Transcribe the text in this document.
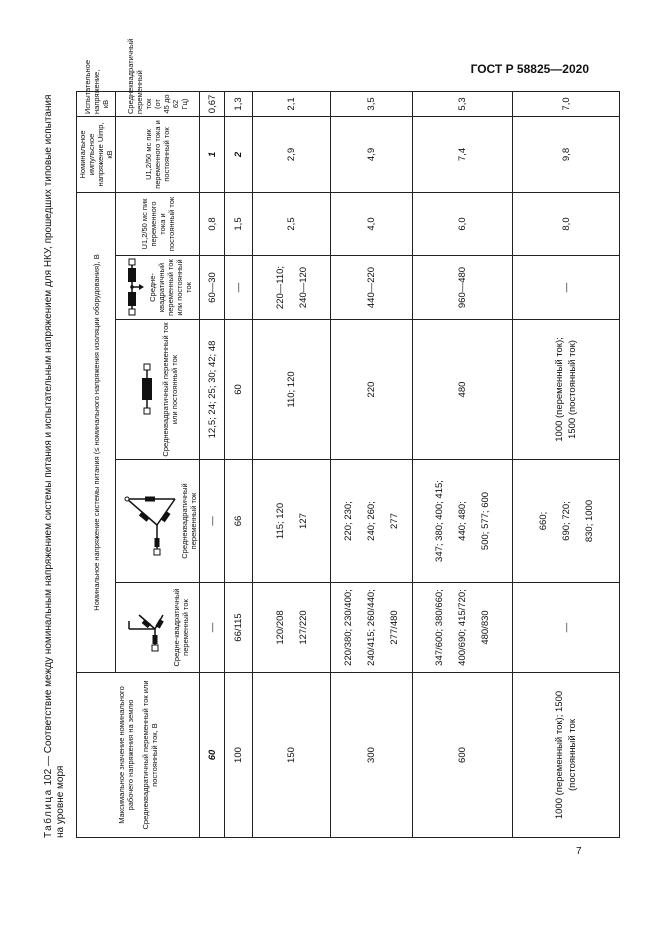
ГОСТ Р 58825—2020
Таблица 102 — Соответствие между номинальным напряжением системы питания и испытательным напряжением для НКУ, прошедших типовые испытания на уровне моря	Максимальное значение номинального рабочего напряжения на землю Среднеквадратичный переменный ток или постоянный ток, В	Номинальное напряжение системы питания (≤ номинального напряжения изоляции оборудования), В					Номинальное импульсное напряжение Uimp, кВ	Испытательное напряжение, кВ

Средне-квадратичный переменный ток	Среднеквадратичный переменный ток	Среднеквадратичный переменный ток или постоянный ток	Средне-квадратичный переменный ток или постоянный ток	U1,2/50 мс пик переменного тока и постоянный ток	U1,2/50 мс пик переменного тока и постоянный ток	Среднеквадратичный переменный ток (от 45 до 62 Гц)
60	—	—	12,5; 24; 25; 30; 42; 48	60—30	0,8	1	0,67
100	66/115	66	60	—	1,5	2	1,3
150	120/208 127/220	115; 120 127	110; 120	220—110; 240—120	2,5	2,9	2,1
300	220/380; 230/400; 240/415; 260/440; 277/480	220; 230; 240; 260; 277	220	440—220	4,0	4,9	3,5
600	347/600; 380/660; 400/690; 415/720; 480/830	347; 380; 400; 415; 440; 480; 500; 577; 600	480	960—480	6,0	7,4	5,3
1000 (переменный ток); 1500 (постоянный ток	—	660; 690; 720; 830; 1000	1000 (переменный ток); 1500 (постоянный ток)	—	8,0	9,8	7,0
7
